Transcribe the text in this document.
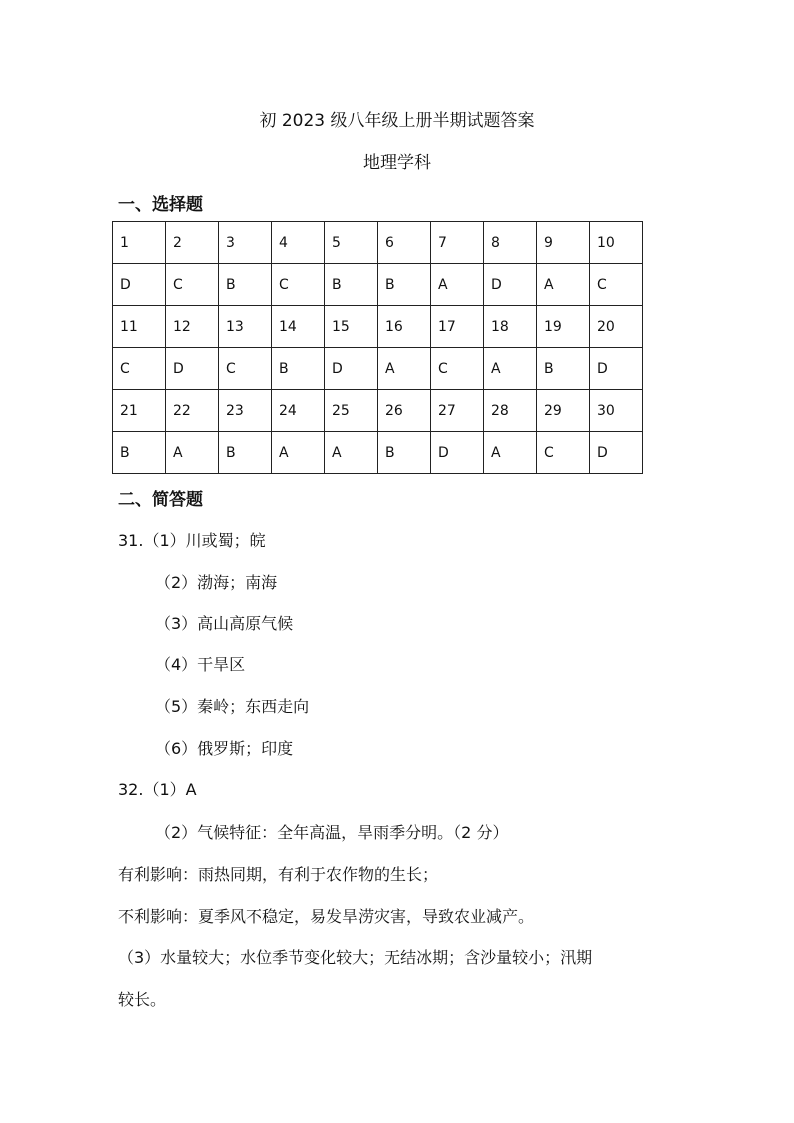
初 2023 级八年级上册半期试题答案
地理学科
一、选择题
1	2	3	4	5	6	7	8	9	10
D	C	B	C	B	B	A	D	A	C
11	12	13	14	15	16	17	18	19	20
C	D	C	B	D	A	C	A	B	D
21	22	23	24	25	26	27	28	29	30
B	A	B	A	A	B	D	A	C	D
二、简答题
31.（1）川或蜀；皖
（2）渤海；南海
（3）高山高原气候
（4）干旱区
（5）秦岭；东西走向
（6）俄罗斯；印度
32.（1）A
（2）气候特征：全年高温，旱雨季分明。（2 分）
有利影响：雨热同期，有利于农作物的生长；
不利影响：夏季风不稳定，易发旱涝灾害，导致农业减产。
（3）水量较大；水位季节变化较大；无结冰期；含沙量较小；汛期
较长。
